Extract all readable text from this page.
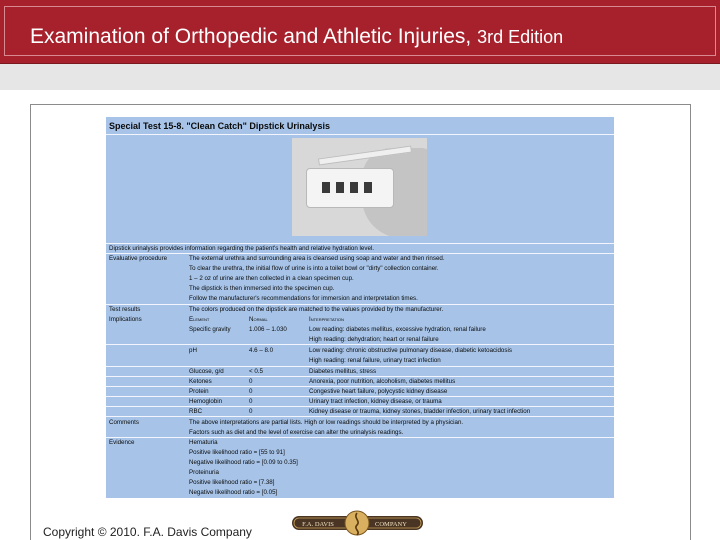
Examination of Orthopedic and Athletic Injuries, 3rd Edition
Special Test 15-8. "Clean Catch" Dipstick Urinalysis
Dipstick urinalysis provides information regarding the patient's health and relative hydration level.
Evaluative procedure	The external urethra and surrounding area is cleansed using soap and water and then rinsed.
To clear the urethra, the initial flow of urine is into a toilet bowl or "dirty" collection container.
1 – 2 oz of urine are then collected in a clean specimen cup.
The dipstick is then immersed into the specimen cup.
Follow the manufacturer's recommendations for immersion and interpretation times.
Test results	The colors produced on the dipstick are matched to the values provided by the manufacturer.
Implications	Element	Normal	Interpretation
Specific gravity	1.006 – 1.030	Low reading: diabetes mellitus, excessive hydration, renal failure
High reading: dehydration; heart or renal failure
pH	4.6 – 8.0	Low reading: chronic obstructive pulmonary disease, diabetic ketoacidosis
High reading: renal failure, urinary tract infection
Glucose, g/d	< 0.5	Diabetes mellitus, stress
Ketones	0	Anorexia, poor nutrition, alcoholism, diabetes mellitus
Protein	0	Congestive heart failure, polycystic kidney disease
Hemoglobin	0	Urinary tract infection, kidney disease, or trauma
RBC	0	Kidney disease or trauma, kidney stones, bladder infection, urinary tract infection
Comments	The above interpretations are partial lists. High or low readings should be interpreted by a physician.
Factors such as diet and the level of exercise can alter the urinalysis readings.
Evidence	Hematuria
Positive likelihood ratio = [55 to 91]
Negative likelihood ratio = [0.09 to 0.35]
Proteinuria
Positive likelihood ratio = [7.38]
Negative likelihood ratio = [0.05]
Copyright © 2010. F.A. Davis Company
F.A. DAVIS	COMPANY
